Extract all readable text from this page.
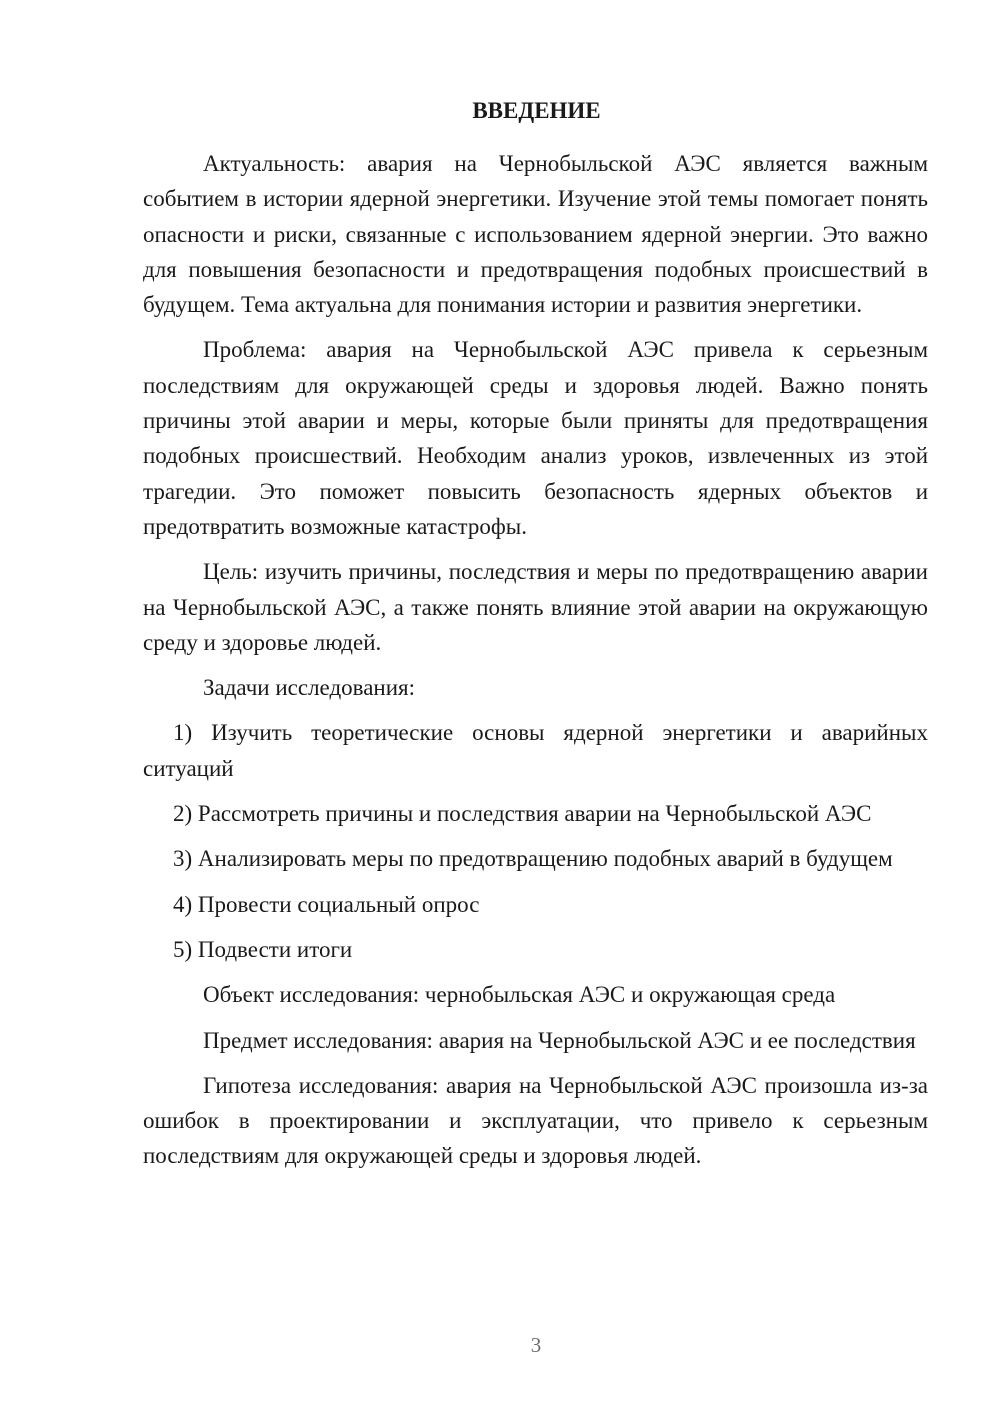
ВВЕДЕНИЕ

Актуальность: авария на Чернобыльской АЭС является важным событием в истории ядерной энергетики. Изучение этой темы помогает понять опасности и риски, связанные с использованием ядерной энергии. Это важно для повышения безопасности и предотвращения подобных происшествий в будущем. Тема актуальна для понимания истории и развития энергетики.

Проблема: авария на Чернобыльской АЭС привела к серьезным последствиям для окружающей среды и здоровья людей. Важно понять причины этой аварии и меры, которые были приняты для предотвращения подобных происшествий. Необходим анализ уроков, извлеченных из этой трагедии. Это поможет повысить безопасность ядерных объектов и предотвратить возможные катастрофы.

Цель: изучить причины, последствия и меры по предотвращению аварии на Чернобыльской АЭС, а также понять влияние этой аварии на окружающую среду и здоровье людей.

Задачи исследования:

1) Изучить теоретические основы ядерной энергетики и аварийных ситуаций

2) Рассмотреть причины и последствия аварии на Чернобыльской АЭС

3) Анализировать меры по предотвращению подобных аварий в будущем

4) Провести социальный опрос

5) Подвести итоги

Объект исследования: чернобыльская АЭС и окружающая среда

Предмет исследования: авария на Чернобыльской АЭС и ее последствия

Гипотеза исследования: авария на Чернобыльской АЭС произошла из-за ошибок в проектировании и эксплуатации, что привело к серьезным последствиям для окружающей среды и здоровья людей.

3
